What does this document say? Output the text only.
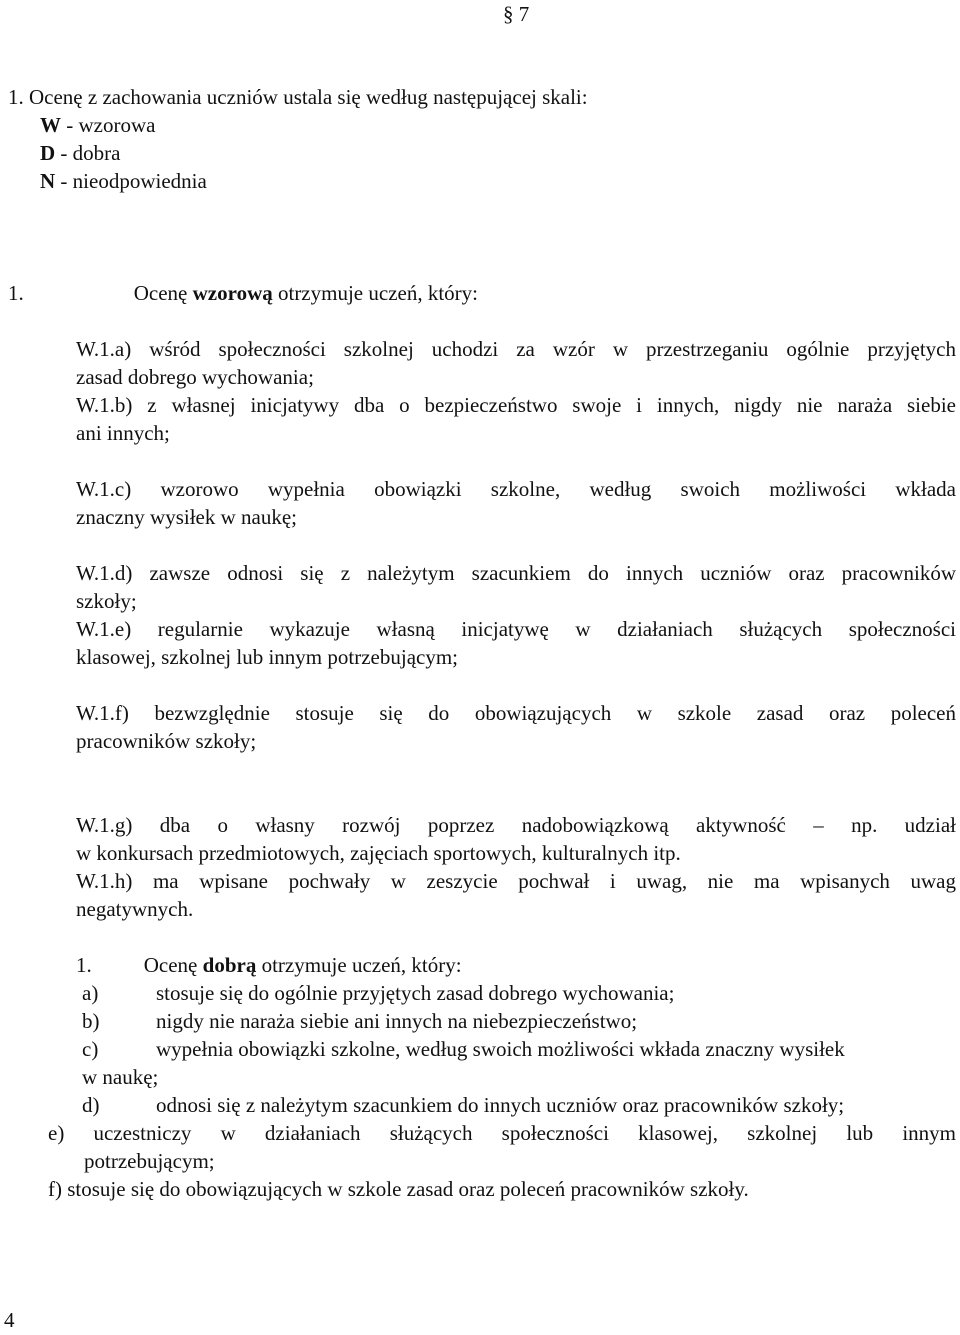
§ 7
1. Ocenę z zachowania uczniów ustala się według następującej skali:
W - wzorowa
D - dobra
N - nieodpowiednia
1.	Ocenę wzorową otrzymuje uczeń, który:
W.1.a) wśród społeczności szkolnej uchodzi za wzór w przestrzeganiu ogólnie przyjętych
zasad dobrego wychowania;
W.1.b) z własnej inicjatywy dba o bezpieczeństwo swoje i innych, nigdy nie naraża siebie
ani innych;
W.1.c) wzorowo wypełnia obowiązki szkolne, według swoich możliwości wkłada
znaczny wysiłek w naukę;
W.1.d) zawsze odnosi się z należytym szacunkiem do innych uczniów oraz pracowników
szkoły;
W.1.e) regularnie wykazuje własną inicjatywę w działaniach służących społeczności
klasowej, szkolnej lub innym potrzebującym;
W.1.f) bezwzględnie stosuje się do obowiązujących w szkole zasad oraz poleceń
pracowników szkoły;
W.1.g) dba o własny rozwój poprzez nadobowiązkową aktywność – np. udział
w konkursach przedmiotowych, zajęciach sportowych, kulturalnych itp.
W.1.h) ma wpisane pochwały w zeszycie pochwał i uwag, nie ma wpisanych uwag
negatywnych.
1. Ocenę dobrą otrzymuje uczeń, który:
a)	stosuje się do ogólnie przyjętych zasad dobrego wychowania;
b)	nigdy nie naraża siebie ani innych na niebezpieczeństwo;
c)	wypełnia obowiązki szkolne, według swoich możliwości wkłada znaczny wysiłek
w naukę;
d)	odnosi się z należytym szacunkiem do innych uczniów oraz pracowników szkoły;
e) uczestniczy w działaniach służących społeczności klasowej, szkolnej lub innym
potrzebującym;
f) stosuje się do obowiązujących w szkole zasad oraz poleceń pracowników szkoły.
4
